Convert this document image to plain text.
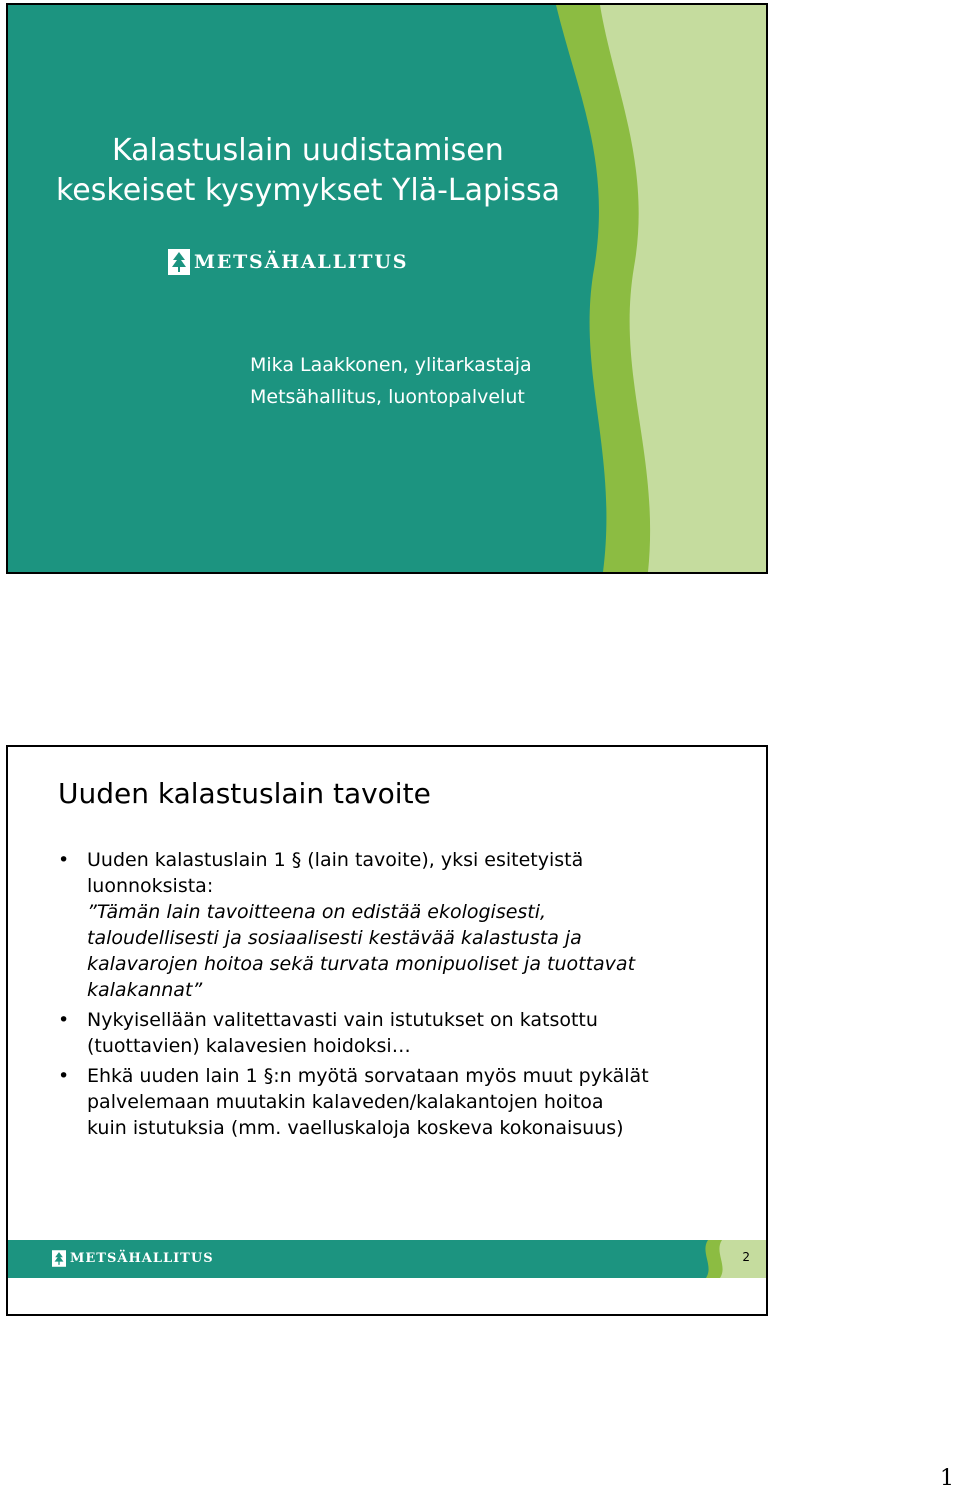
Kalastuslain uudistamisen
keskeiset kysymykset Ylä-Lapissa
METSÄHALLITUS
Mika Laakkonen, ylitarkastaja
Metsähallitus, luontopalvelut
Uuden kalastuslain tavoite
• Uuden kalastuslain 1 § (lain tavoite), yksi esitetyistä
luonnoksista:
”Tämän lain tavoitteena on edistää ekologisesti,
taloudellisesti ja sosiaalisesti kestävää kalastusta ja
kalavarojen hoitoa sekä turvata monipuoliset ja tuottavat
kalakannat”
• Nykyisellään valitettavasti vain istutukset on katsottu
(tuottavien) kalavesien hoidoksi…
• Ehkä uuden lain 1 §:n myötä sorvataan myös muut pykälät
palvelemaan muutakin kalaveden/kalakantojen hoitoa
kuin istutuksia (mm. vaelluskaloja koskeva kokonaisuus)
METSÄHALLITUS	2
1
